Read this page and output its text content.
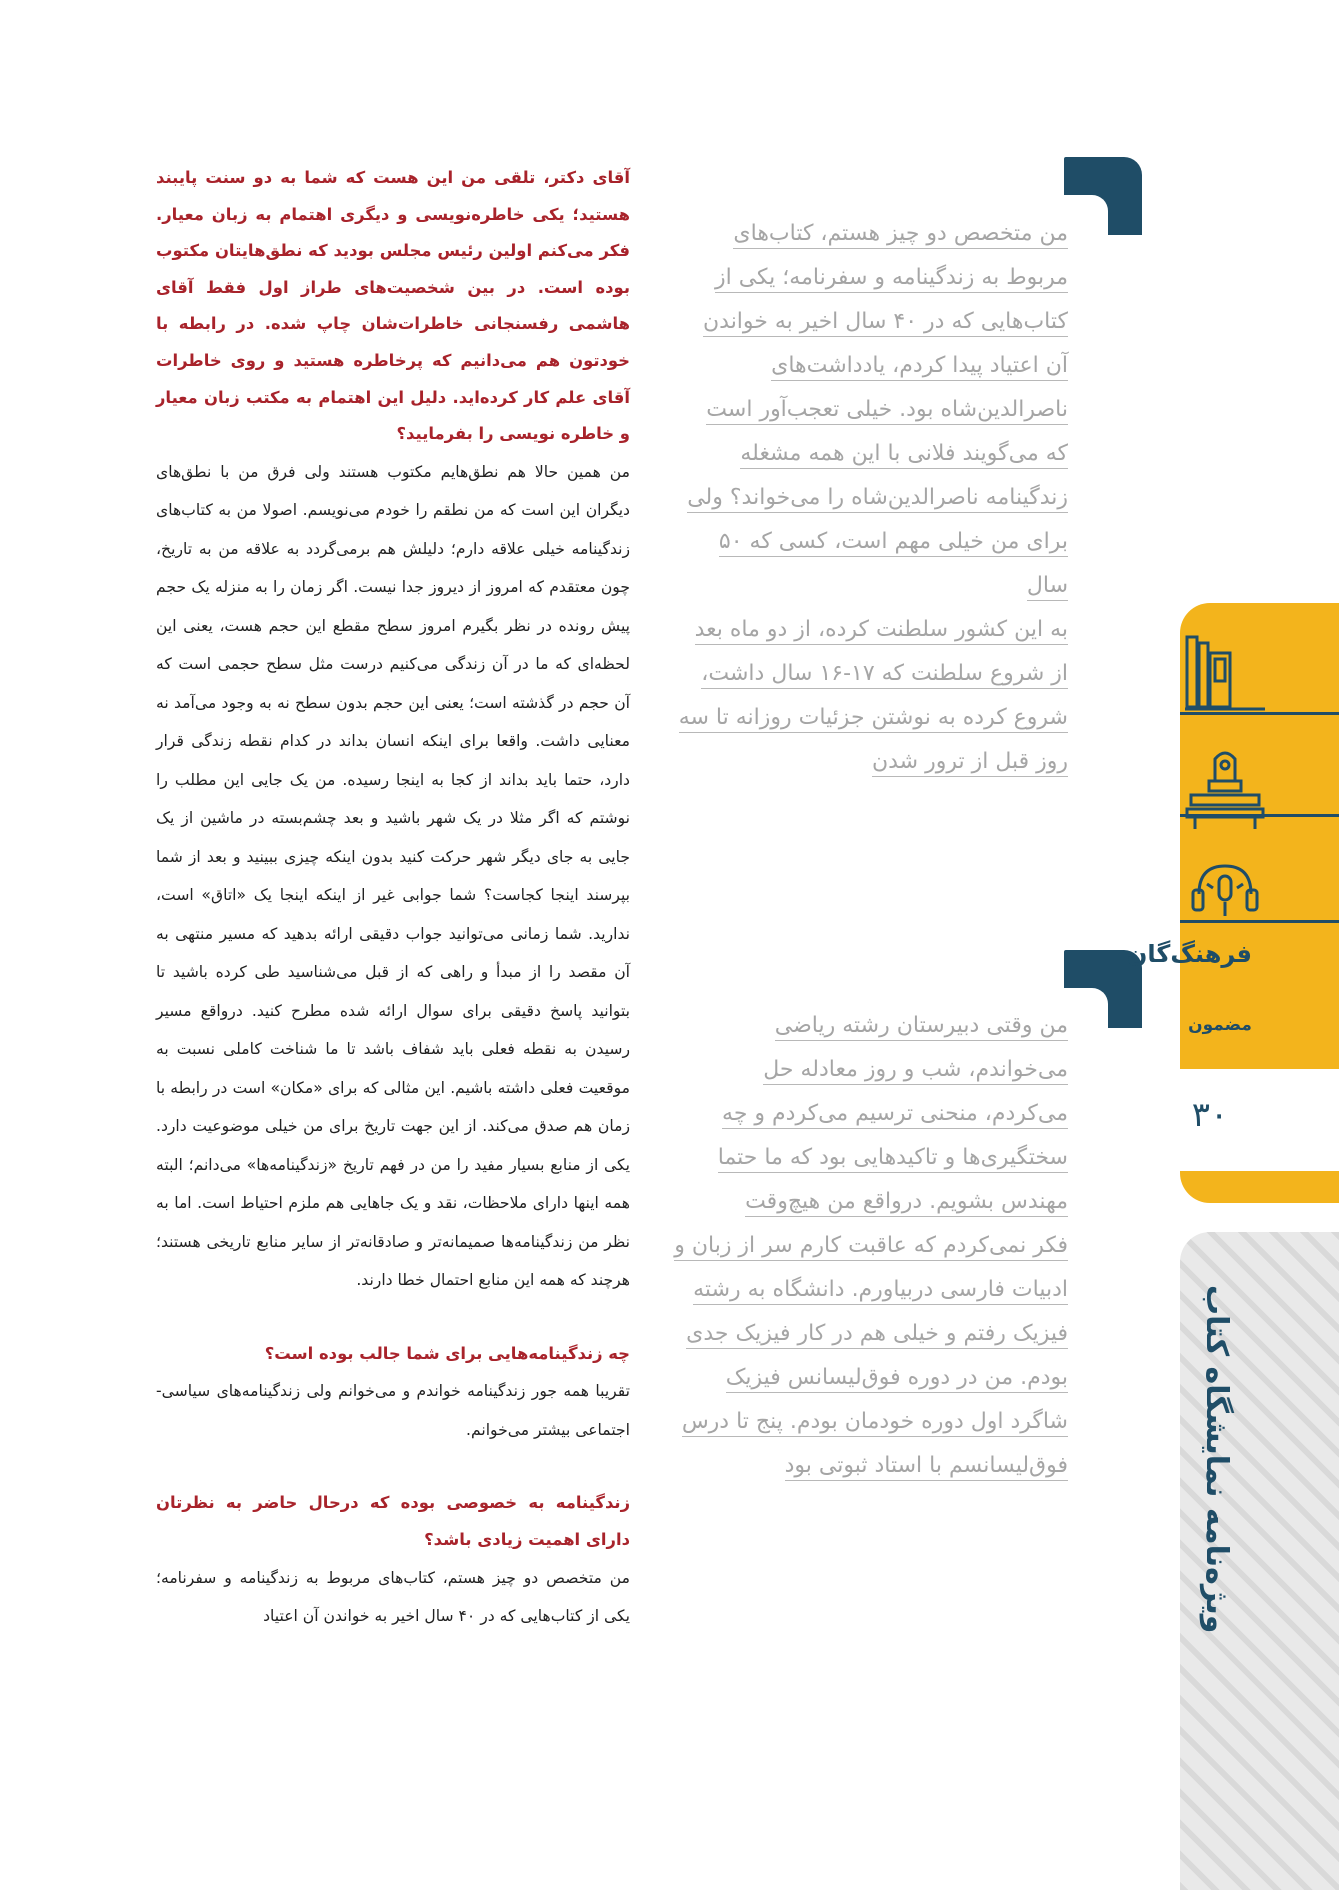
آقای دکتر، تلقی من این هست که شما به دو سنت پایبند هستید؛ یکی خاطره‌نویسی و دیگری اهتمام به زبان معیار. فکر می‌کنم اولین رئیس مجلس بودید که نطق‌هایتان مکتوب بوده است. در بین شخصیت‌های طراز اول فقط آقای هاشمی رفسنجانی خاطرات‌شان چاپ شده. در رابطه با خودتون هم می‌دانیم که پرخاطره هستید و روی خاطرات آقای علم کار کرده‌اید. دلیل این اهتمام به مکتب زبان معیار و خاطره نویسی را بفرمایید؟

من همین حالا هم نطق‌هایم مکتوب هستند ولی فرق من با نطق‌های دیگران این است که من نطقم را خودم می‌نویسم. اصولا من به کتاب‌های زندگینامه خیلی علاقه دارم؛ دلیلش هم برمی‌گردد به علاقه من به تاریخ، چون معتقدم که امروز از دیروز جدا نیست. اگر زمان را به منزله یک حجم پیش رونده در نظر بگیرم امروز سطح مقطع این حجم هست، یعنی این لحظه‌ای که ما در آن زندگی می‌کنیم درست مثل سطح حجمی است که آن حجم در گذشته است؛ یعنی این حجم بدون سطح نه به وجود می‌آمد نه معنایی داشت. واقعا برای اینکه انسان بداند در کدام نقطه زندگی قرار دارد، حتما باید بداند از کجا به اینجا رسیده. من یک جایی این مطلب را نوشتم که اگر مثلا در یک شهر باشید و بعد چشم‌بسته در ماشین از یک جایی به جای دیگر شهر حرکت کنید بدون اینکه چیزی ببینید و بعد از شما بپرسند اینجا کجاست؟ شما جوابی غیر از اینکه اینجا یک «اتاق» است، ندارید. شما زمانی می‌توانید جواب دقیقی ارائه بدهید که مسیر منتهی به آن مقصد را از مبدأ و راهی که از قبل می‌شناسید طی کرده باشید تا بتوانید پاسخ دقیقی برای سوال ارائه شده مطرح کنید. درواقع مسیر رسیدن به نقطه فعلی باید شفاف باشد تا ما شناخت کاملی نسبت به موقعیت فعلی داشته باشیم. این مثالی که برای «مکان» است در رابطه با زمان هم صدق می‌کند. از این جهت تاریخ برای من خیلی موضوعیت دارد. یکی از منابع بسیار مفید را من در فهم تاریخ «زندگینامه‌ها» می‌دانم؛ البته همه اینها دارای ملاحظات، نقد و یک جاهایی هم ملزم احتیاط است. اما به نظر من زندگینامه‌ها صمیمانه‌تر و صادقانه‌تر از سایر منابع تاریخی هستند؛ هرچند که همه این منابع احتمال خطا دارند.

چه زندگینامه‌هایی برای شما جالب بوده است؟

تقریبا همه جور زندگینامه خواندم و می‌خوانم ولی زندگینامه‌های سیاسی-اجتماعی بیشتر می‌خوانم.

زندگینامه به خصوصی بوده که درحال حاضر به نظرتان دارای اهمیت زیادی باشد؟

من متخصص دو چیز هستم، کتاب‌های مربوط به زندگینامه و سفرنامه؛ یکی از کتاب‌هایی که در ۴۰ سال اخیر به خواندن آن اعتیاد

من متخصص دو چیز هستم، کتاب‌های

مربوط به زندگینامه و سفرنامه؛ یکی از

کتاب‌هایی که در ۴۰ سال اخیر به خواندن

آن اعتیاد پیدا کردم، یادداشت‌های

ناصرالدین‌شاه بود. خیلی تعجب‌آور است

که می‌گویند فلانی با این همه مشغله

زندگینامه ناصرالدین‌شاه را می‌خواند؟ ولی

برای من خیلی مهم است، کسی که ۵۰ سال

به این کشور سلطنت کرده، از دو ماه بعد

از شروع سلطنت که ۱۷-۱۶ سال داشت،

شروع کرده به نوشتن جزئیات روزانه تا سه

روز قبل از ترور شدن

من وقتی دبیرستان رشته ریاضی

می‌خواندم، شب و روز معادله حل

می‌کردم، منحنی ترسیم می‌کردم و چه

سختگیری‌ها و تاکیدهایی بود که ما حتما

مهندس بشویم. درواقع من هیچ‌وقت

فکر نمی‌کردم که عاقبت کارم سر از زبان و

ادبیات فارسی دربیاورم. دانشگاه به رشته

فیزیک رفتم و خیلی هم در کار فیزیک جدی

بودم. من در دوره فوق‌لیسانس فیزیک

شاگرد اول دوره خودمان بودم. پنج تا درس

فوق‌لیسانسم با استاد ثبوتی بود

فرهنگ‌گان
مضمون
۳۰
ویژه‌نامه نمایشگاه کتاب
